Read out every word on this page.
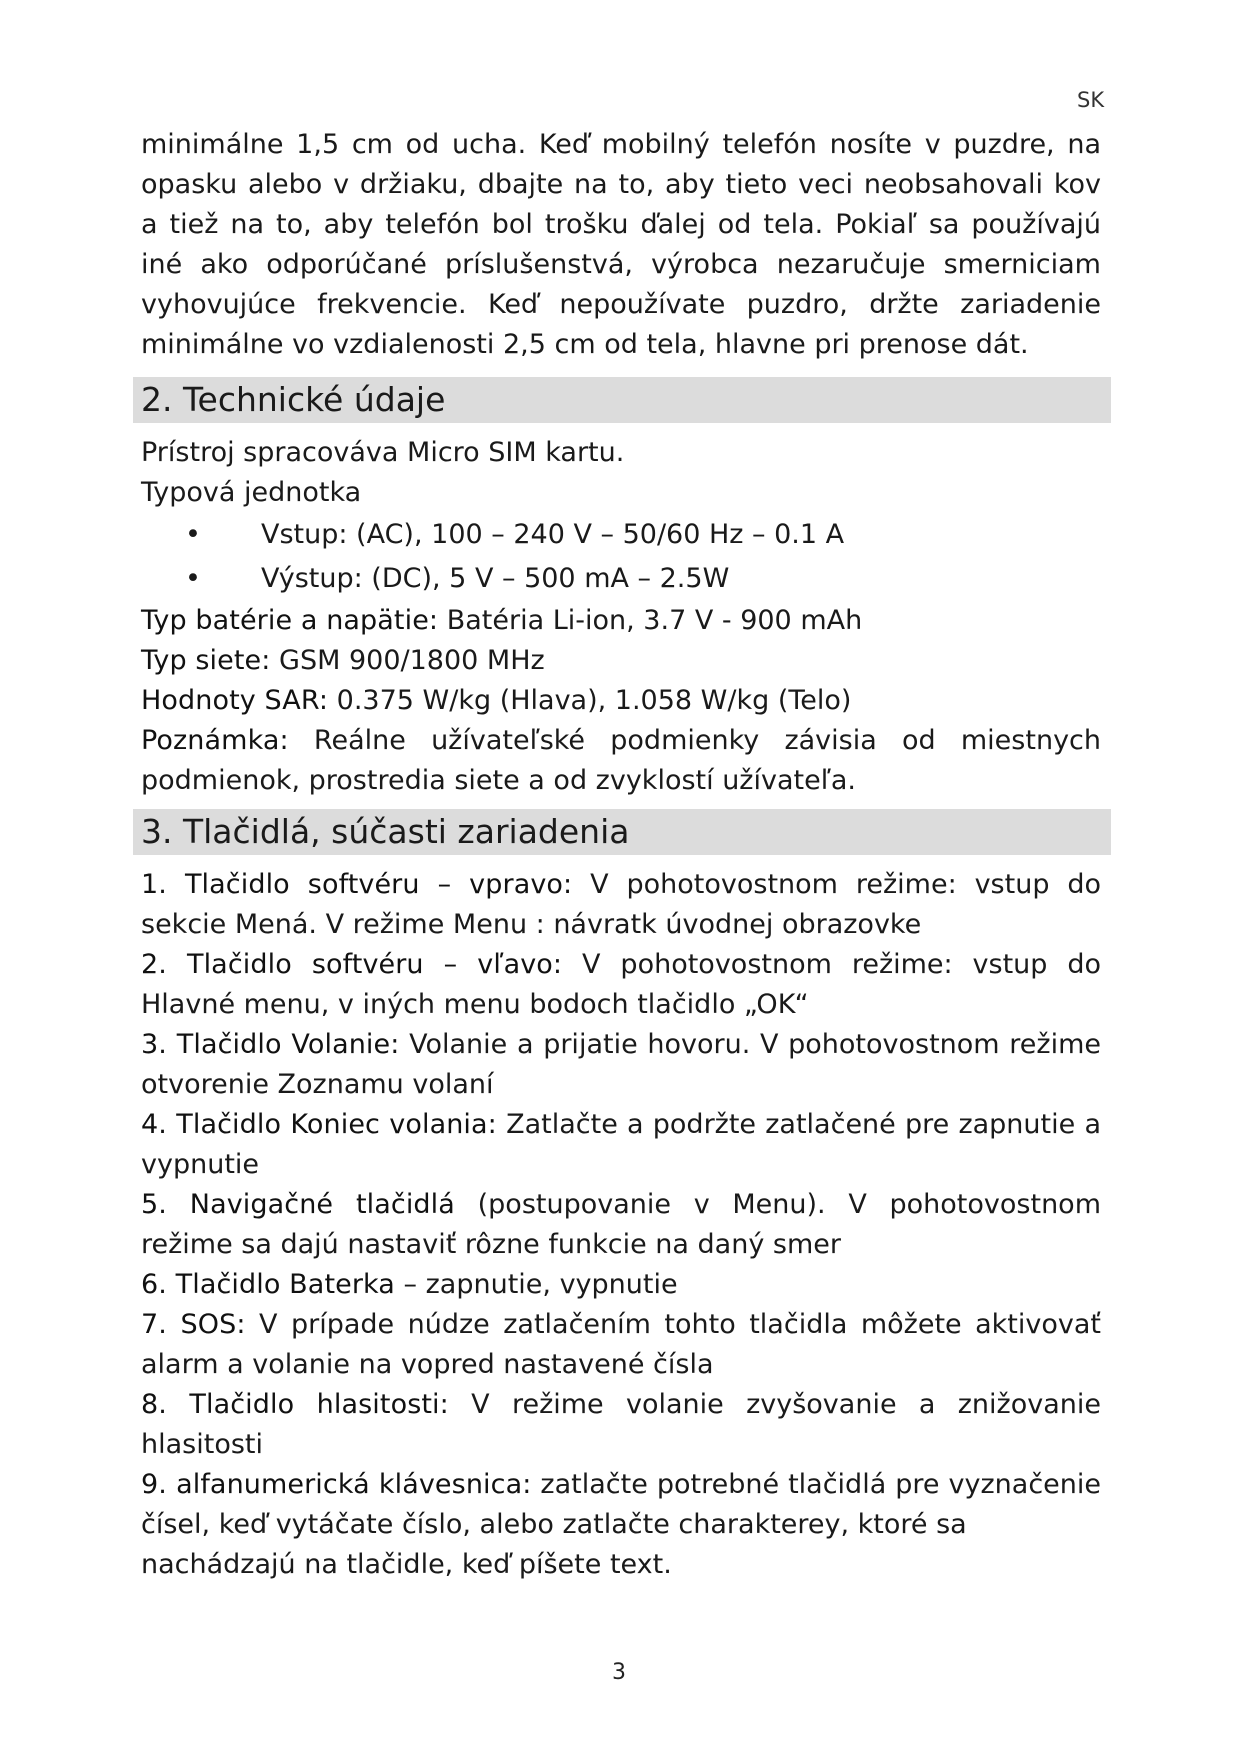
SK

minimálne 1,5 cm od ucha. Keď mobilný telefón nosíte v puzdre, na

opasku alebo v držiaku, dbajte na to, aby tieto veci neobsahovali kov

a tiež na to, aby telefón bol trošku ďalej od tela. Pokiaľ sa používajú

iné ako odporúčané príslušenstvá, výrobca nezaručuje smerniciam

vyhovujúce frekvencie. Keď nepoužívate puzdro, držte zariadenie

minimálne vo vzdialenosti 2,5 cm od tela, hlavne pri prenose dát.

2. Technické údaje

Prístroj spracováva Micro SIM kartu.

Typová jednotka

• Vstup: (AC), 100 – 240 V – 50/60 Hz – 0.1 A
• Výstup: (DC), 5 V – 500 mA – 2.5W

Typ batérie a napätie: Batéria Li-ion, 3.7 V - 900 mAh

Typ siete: GSM 900/1800 MHz

Hodnoty SAR: 0.375 W/kg (Hlava), 1.058 W/kg (Telo)

Poznámka: Reálne užívateľské podmienky závisia od miestnych

podmienok, prostredia siete a od zvyklostí užívateľa.

3. Tlačidlá, súčasti zariadenia

1. Tlačidlo softvéru – vpravo: V pohotovostnom režime: vstup do

sekcie Mená. V režime Menu : návratk úvodnej obrazovke

2. Tlačidlo softvéru – vľavo: V pohotovostnom režime: vstup do

Hlavné menu, v iných menu bodoch tlačidlo „OK“

3. Tlačidlo Volanie: Volanie a prijatie hovoru. V pohotovostnom režime

otvorenie Zoznamu volaní

4. Tlačidlo Koniec volania: Zatlačte a podržte zatlačené pre zapnutie a

vypnutie

5. Navigačné tlačidlá (postupovanie v Menu). V pohotovostnom

režime sa dajú nastaviť rôzne funkcie na daný smer

6. Tlačidlo Baterka – zapnutie, vypnutie

7. SOS: V prípade núdze zatlačením tohto tlačidla môžete aktivovať

alarm a volanie na vopred nastavené čísla

8. Tlačidlo hlasitosti: V režime volanie zvyšovanie a znižovanie

hlasitosti

9. alfanumerická klávesnica: zatlačte potrebné tlačidlá pre vyznačenie

čísel, keď vytáčate číslo, alebo zatlačte charakterey, ktoré sa

nachádzajú na tlačidle, keď píšete text.

3
